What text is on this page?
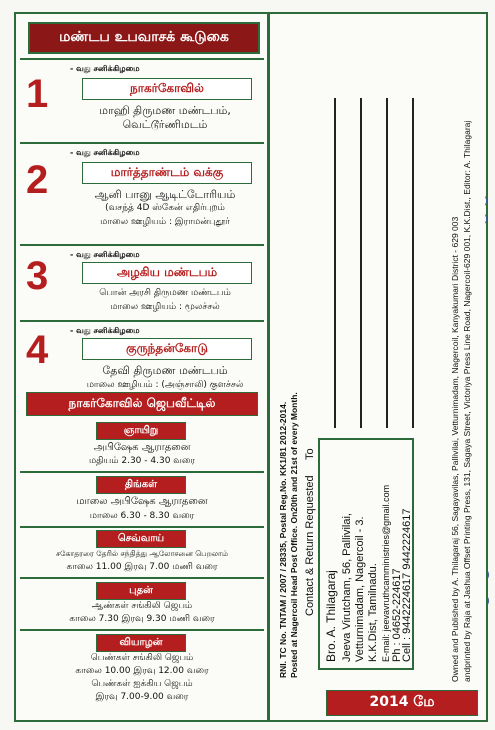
மண்டப உபவாசக் கூடுகை
1
- வது சனிக்கிழமை
நாகர்கோவில்
மாஹி திருமண மண்டபம்,
வெட்டூர்ணிமடம்
2
- வது சனிக்கிழமை
மார்த்தாண்டம் வக்கு
ஆனி பானு ஆடிட்டோரியம்
(வசந்த் 4D ஸ்கேன் எதிர்புறம்
மாலை ஊழியம் : இராமன்புதூர்
3	- வது சனிக்கிழமை
அழகிய மண்டபம்
பொன் அரசி திருமண மண்டபம்
மாலை ஊழியம் : மூலச்சல்
4	- வது சனிக்கிழமை
குருந்தன்கோடு
தேவி திருமண மண்டபம்
மாலை ஊழியம் : (அஞ்சாலி) குளச்சல்
நாகர்கோவில் ஜெபவீட்டில்
ஞாயிறு
அபிஷேக ஆராதனை
மதியம் 2.30 - 4.30 வரை
திங்கள்
மாலை அபிஷேக ஆராதனை
மாலை 6.30 - 8.30 வரை
செவ்வாய்
சகோதரரை தேரில் சந்தித்து ஆலோசனை பெறலாம்
காலை 11.00 இரவு 7.00 மணி வரை
புதன்
ஆண்கள் சங்கிலி ஜெபம்
காலை 7.30 இரவு 9.30 மணி வரை
வியாழன்
பெண்கள் சங்கிலி ஜெபம்
காலை 10.00 இரவு 12.00 வரை
பெண்கள் ஐக்கிய ஜெபம்
இரவு 7.00-9.00 வரை
RNI. TC No. TNTAM / 2007 / 28335, Postal Reg.No. KK1/81 2012-2014. Posted at Nagercoil Head Post Office. On20th and 21st of every Month. Contact & Return Requested
To
Bro. A. Thilagaraj Jeeva Virutcham, 56, Pallivilai, Vetturnimadam, Nagercoil - 3. K.K.Dist, Tamilnadu. E-mail: jeevavruthcamministries@gmail.com Ph : 04652-224617
Cell : 9442224617 9442224617	Owned and Published by A. Thilagaraj 56, Sagayavilas, Pallivilai, Vetturnimadam, Nagercoil, Kanyakumari District - 629 003 andprinted by Raja at Jashua Offset Printing Press, 131, Sagaya Street, Victoriya Press Line Road, Nagercoil-629 001, K.K.Dist., Editor: A. Thilagaraj
2014 மே
)
)
)
)
